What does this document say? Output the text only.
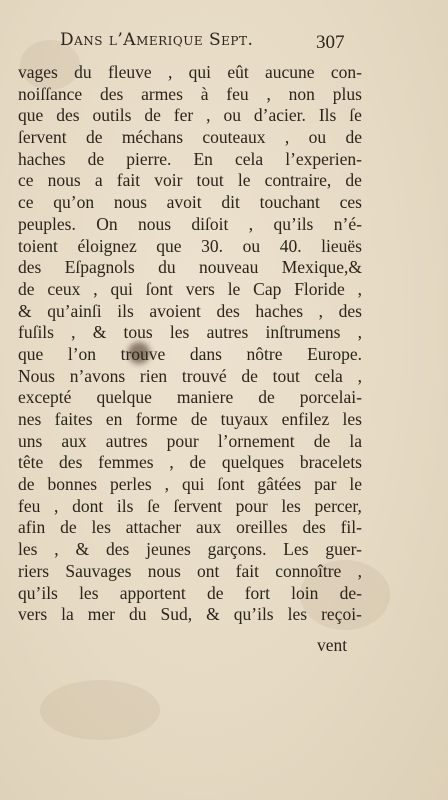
Dans l’Amerique Sept.	307
vages du fleuve , qui eût aucune con-
noiſſance des armes à feu , non plus
que des outils de fer , ou d’acier. Ils ſe
ſervent de méchans couteaux , ou de
haches de pierre. En cela l’experien-
ce nous a fait voir tout le contraire, de
ce qu’on nous avoit dit touchant ces
peuples. On nous diſoit , qu’ils n’é-
toient éloignez que 30. ou 40. lieuës
des Eſpagnols du nouveau Mexique,&
de ceux , qui ſont vers le Cap Floride ,
& qu’ainſi ils avoient des haches , des
fuſils , & tous les autres inſtrumens ,
que l’on trouve dans nôtre Europe.
Nous n’avons rien trouvé de tout cela ,
excepté quelque maniere de porcelai-
nes faites en forme de tuyaux enfilez les
uns aux autres pour l’ornement de la
tête des femmes , de quelques bracelets
de bonnes perles , qui ſont gâtées par le
feu , dont ils ſe ſervent pour les percer,
afin de les attacher aux oreilles des fil-
les , & des jeunes garçons. Les guer-
riers Sauvages nous ont fait connoître ,
qu’ils les apportent de fort loin de-
vers la mer du Sud, & qu’ils les reçoi-
vent
